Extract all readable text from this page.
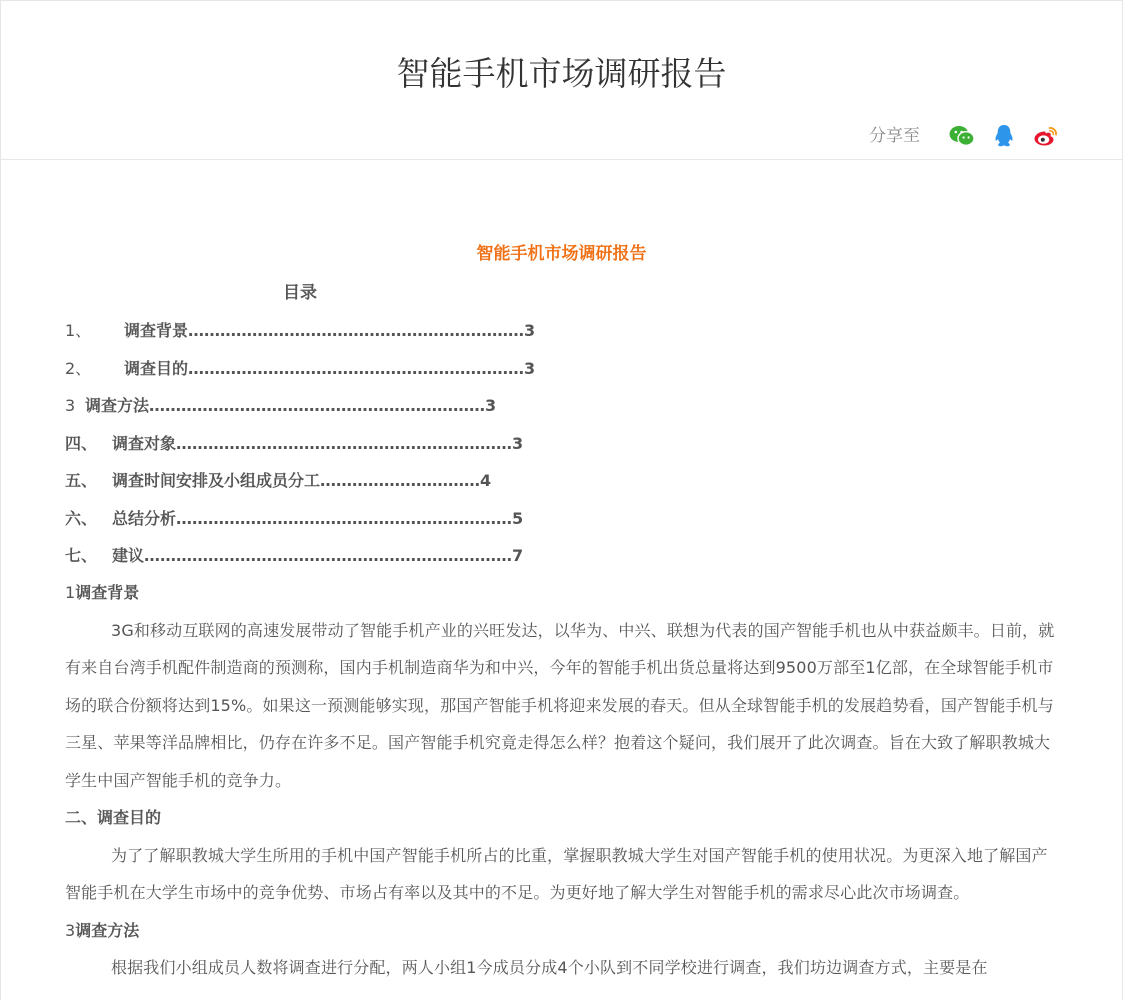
智能手机市场调研报告
分享至
智能手机市场调研报告
目录
1、 调查背景………………………………………………………3
2、 调查目的………………………………………………………3
3 调查方法………………………………………………………3
四、 调查对象………………………………………………………3
五、 调查时间安排及小组成员分工…………………………4
六、 总结分析………………………………………………………5
七、 建议……………………………………………………………7
1调查背景

3G和移动互联网的高速发展带动了智能手机产业的兴旺发达，以华为、中兴、联想为代表的国产智能手机也从中获益颇丰。日前，就有来自台湾手机配件制造商的预测称，国内手机制造商华为和中兴，今年的智能手机出货总量将达到9500万部至1亿部，在全球智能手机市场的联合份额将达到15%。如果这一预测能够实现，那国产智能手机将迎来发展的春天。但从全球智能手机的发展趋势看，国产智能手机与三星、苹果等洋品牌相比，仍存在许多不足。国产智能手机究竟走得怎么样？抱着这个疑问，我们展开了此次调查。旨在大致了解职教城大学生中国产智能手机的竞争力。

二、调查目的

为了了解职教城大学生所用的手机中国产智能手机所占的比重，掌握职教城大学生对国产智能手机的使用状况。为更深入地了解国产智能手机在大学生市场中的竞争优势、市场占有率以及其中的不足。为更好地了解大学生对智能手机的需求尽心此次市场调查。

3调查方法

根据我们小组成员人数将调查进行分配，两人小组1今成员分成4个小队到不同学校进行调查，我们坊边调查方式，主要是在
